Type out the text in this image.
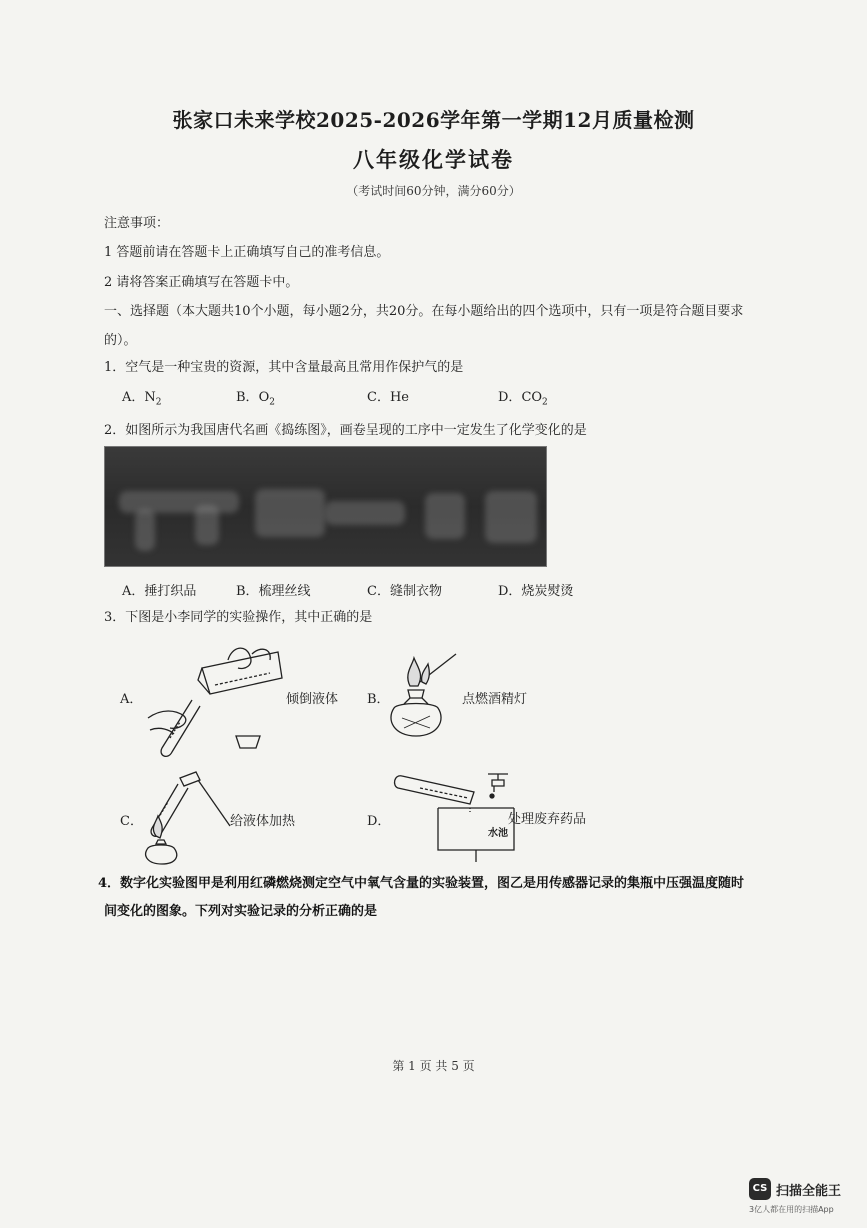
张家口未来学校2025-2026学年第一学期12月质量检测
八年级化学试卷
（考试时间60分钟，满分60分）
注意事项：
1 答题前请在答题卡上正确填写自己的准考信息。
2 请将答案正确填写在答题卡中。
一、选择题（本大题共10个小题，每小题2分，共20分。在每小题给出的四个选项中，只有一项是符合题目要求
的）。
1．空气是一种宝贵的资源，其中含量最高且常用作保护气的是
A．$N_2$	B．$O_2$	C．He	D．$CO_2$
2．如图所示为我国唐代名画《捣练图》，画卷呈现的工序中一定发生了化学变化的是
A．捶打织品	B．梳理丝线	C．缝制衣物	D．烧炭熨烫
3．下图是小李同学的实验操作，其中正确的是
A．	倾倒液体 B．	点燃酒精灯
C．	给液体加热	D．
水池
处理废弃药品
4．数字化实验图甲是利用红磷燃烧测定空气中氧气含量的实验装置，图乙是用传感器记录的集瓶中压强温度随时
间变化的图象。下列对实验记录的分析正确的是
第 1 页 共 5 页
CS 扫描全能王
3亿人都在用的扫描App
